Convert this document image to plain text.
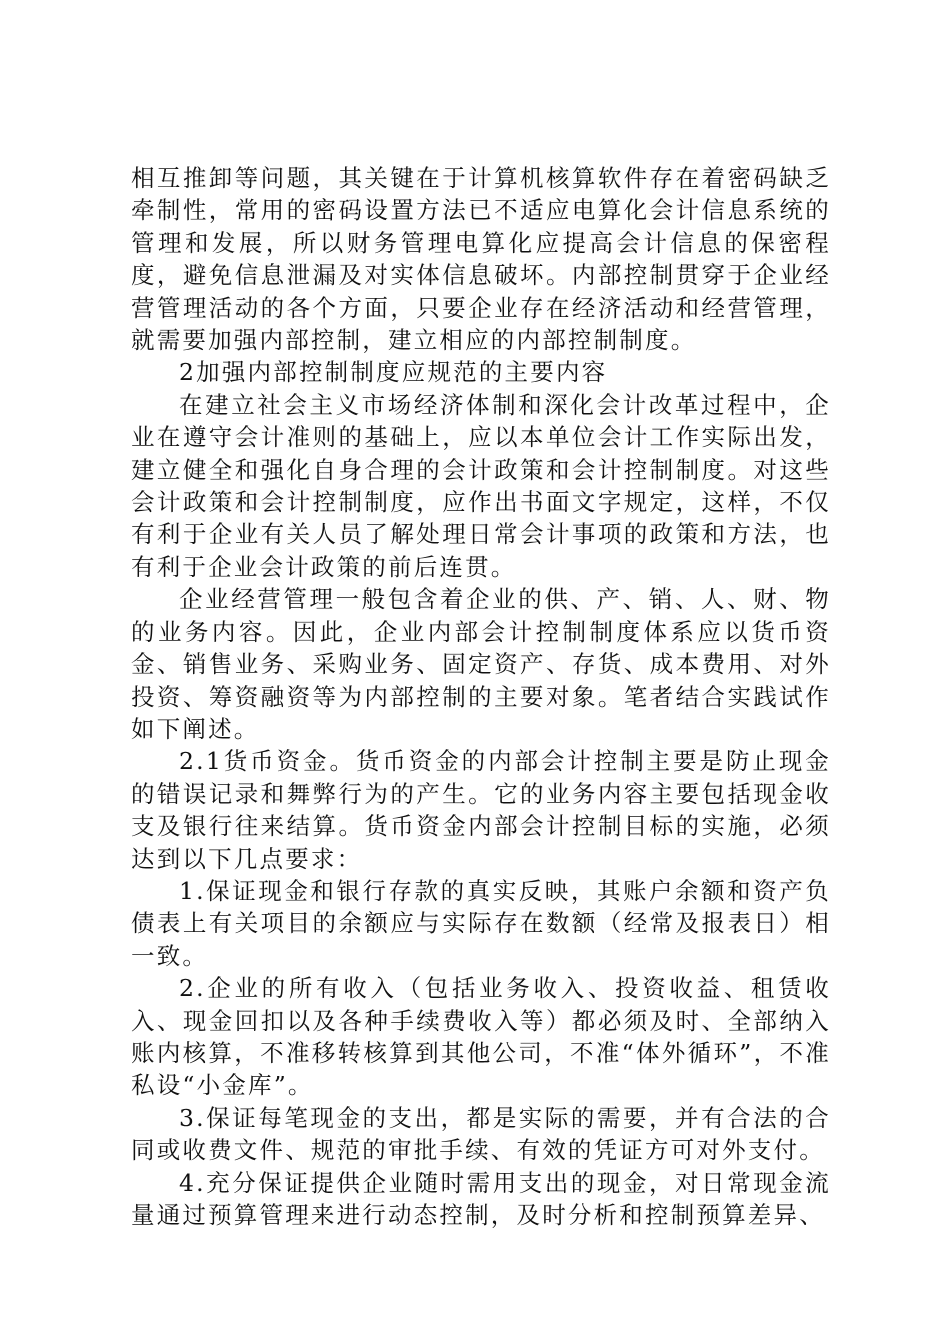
相互推卸等问题，其关键在于计算机核算软件存在着密码缺乏牵制性，常用的密码设置方法已不适应电算化会计信息系统的管理和发展，所以财务管理电算化应提高会计信息的保密程度，避免信息泄漏及对实体信息破坏。内部控制贯穿于企业经营管理活动的各个方面，只要企业存在经济活动和经营管理，就需要加强内部控制，建立相应的内部控制制度。

2加强内部控制制度应规范的主要内容

在建立社会主义市场经济体制和深化会计改革过程中，企业在遵守会计准则的基础上，应以本单位会计工作实际出发，建立健全和强化自身合理的会计政策和会计控制制度。对这些会计政策和会计控制制度，应作出书面文字规定，这样，不仅有利于企业有关人员了解处理日常会计事项的政策和方法，也有利于企业会计政策的前后连贯。

企业经营管理一般包含着企业的供、产、销、人、财、物的业务内容。因此，企业内部会计控制制度体系应以货币资金、销售业务、采购业务、固定资产、存货、成本费用、对外投资、筹资融资等为内部控制的主要对象。笔者结合实践试作如下阐述。

2.1货币资金。货币资金的内部会计控制主要是防止现金的错误记录和舞弊行为的产生。它的业务内容主要包括现金收支及银行往来结算。货币资金内部会计控制目标的实施，必须达到以下几点要求：

1.保证现金和银行存款的真实反映，其账户余额和资产负债表上有关项目的余额应与实际存在数额（经常及报表日）相一致。

2.企业的所有收入（包括业务收入、投资收益、租赁收入、现金回扣以及各种手续费收入等）都必须及时、全部纳入账内核算，不准移转核算到其他公司，不准“体外循环”，不准私设“小金库”。

3.保证每笔现金的支出，都是实际的需要，并有合法的合同或收费文件、规范的审批手续、有效的凭证方可对外支付。

4.充分保证提供企业随时需用支出的现金，对日常现金流量通过预算管理来进行动态控制，及时分析和控制预算差异、
